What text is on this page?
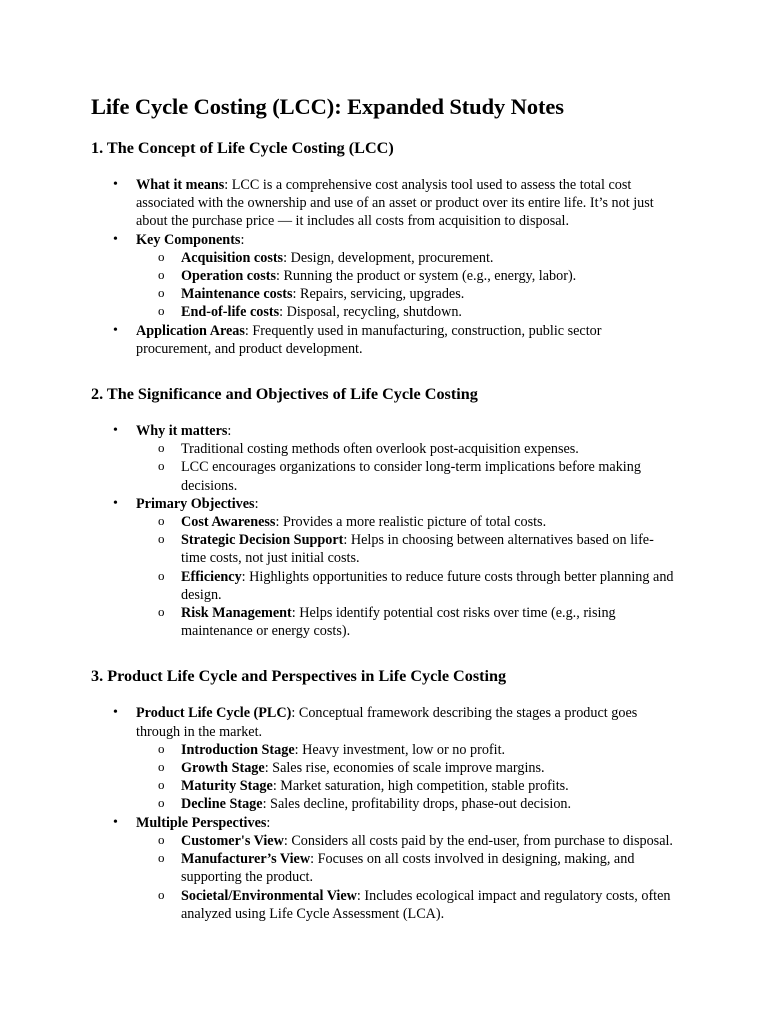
Life Cycle Costing (LCC): Expanded Study Notes
1. The Concept of Life Cycle Costing (LCC)
• What it means: LCC is a comprehensive cost analysis tool used to assess the total cost associated with the ownership and use of an asset or product over its entire life. It’s not just about the purchase price — it includes all costs from acquisition to disposal.
• Key Components:
o Acquisition costs: Design, development, procurement.
o Operation costs: Running the product or system (e.g., energy, labor).
o Maintenance costs: Repairs, servicing, upgrades.
o End-of-life costs: Disposal, recycling, shutdown.
• Application Areas: Frequently used in manufacturing, construction, public sector procurement, and product development.
2. The Significance and Objectives of Life Cycle Costing
• Why it matters:
o Traditional costing methods often overlook post-acquisition expenses.
o LCC encourages organizations to consider long-term implications before making decisions.
• Primary Objectives:
o Cost Awareness: Provides a more realistic picture of total costs.
o Strategic Decision Support: Helps in choosing between alternatives based on life-time costs, not just initial costs.
o Efficiency: Highlights opportunities to reduce future costs through better planning and design.
o Risk Management: Helps identify potential cost risks over time (e.g., rising maintenance or energy costs).
3. Product Life Cycle and Perspectives in Life Cycle Costing
• Product Life Cycle (PLC): Conceptual framework describing the stages a product goes through in the market.
o Introduction Stage: Heavy investment, low or no profit.
o Growth Stage: Sales rise, economies of scale improve margins.
o Maturity Stage: Market saturation, high competition, stable profits.
o Decline Stage: Sales decline, profitability drops, phase-out decision.
• Multiple Perspectives:
o Customer's View: Considers all costs paid by the end-user, from purchase to disposal.
o Manufacturer’s View: Focuses on all costs involved in designing, making, and supporting the product.
o Societal/Environmental View: Includes ecological impact and regulatory costs, often analyzed using Life Cycle Assessment (LCA).
